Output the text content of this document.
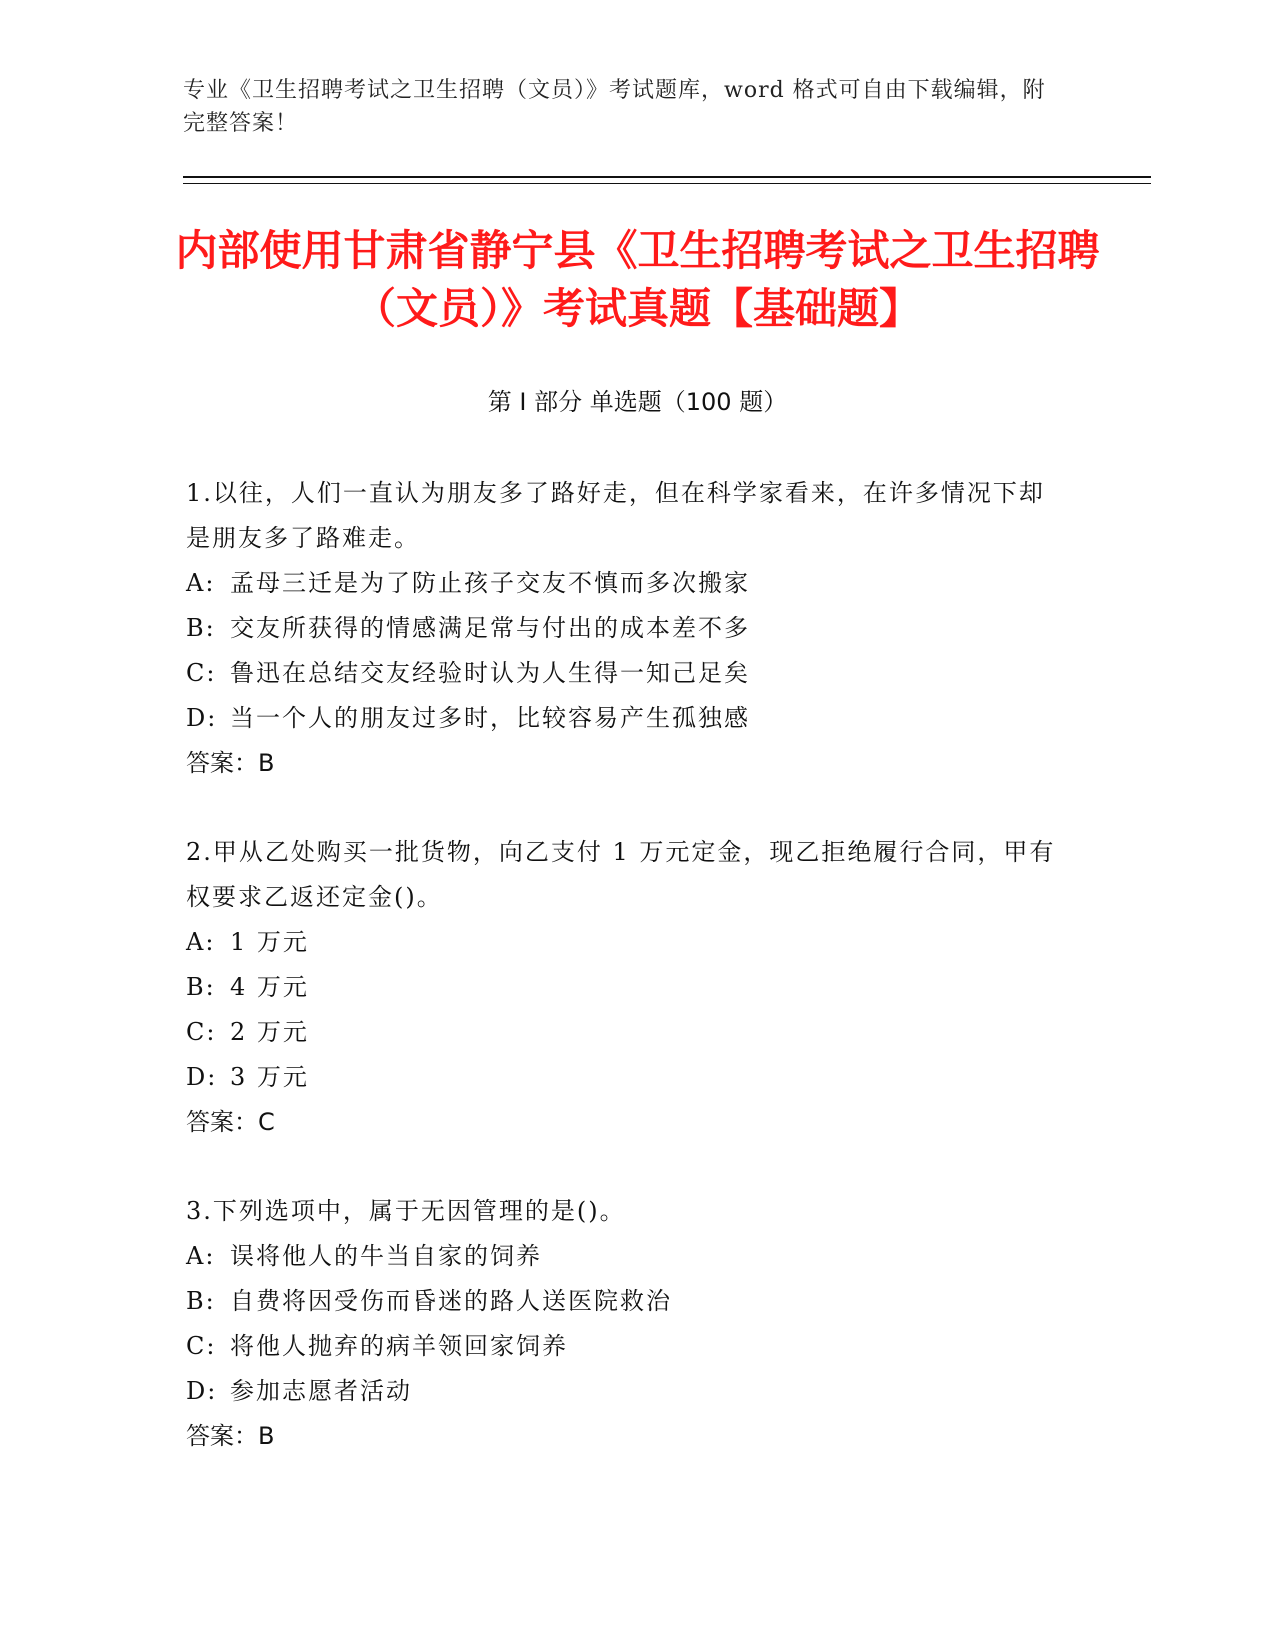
专业《卫生招聘考试之卫生招聘（文员）》考试题库，word 格式可自由下载编辑，附完整答案！
内部使用甘肃省静宁县《卫生招聘考试之卫生招聘（文员）》考试真题【基础题】
第 I 部分 单选题（100 题）
1.以往，人们一直认为朋友多了路好走，但在科学家看来，在许多情况下却是朋友多了路难走。
A: 孟母三迁是为了防止孩子交友不慎而多次搬家
B: 交友所获得的情感满足常与付出的成本差不多
C: 鲁迅在总结交友经验时认为人生得一知己足矣
D: 当一个人的朋友过多时，比较容易产生孤独感
答案：B
2.甲从乙处购买一批货物，向乙支付 1 万元定金，现乙拒绝履行合同，甲有权要求乙返还定金()。
A: 1 万元
B: 4 万元
C: 2 万元
D: 3 万元
答案：C
3.下列选项中，属于无因管理的是()。
A: 误将他人的牛当自家的饲养
B: 自费将因受伤而昏迷的路人送医院救治
C: 将他人抛弃的病羊领回家饲养
D: 参加志愿者活动
答案：B
